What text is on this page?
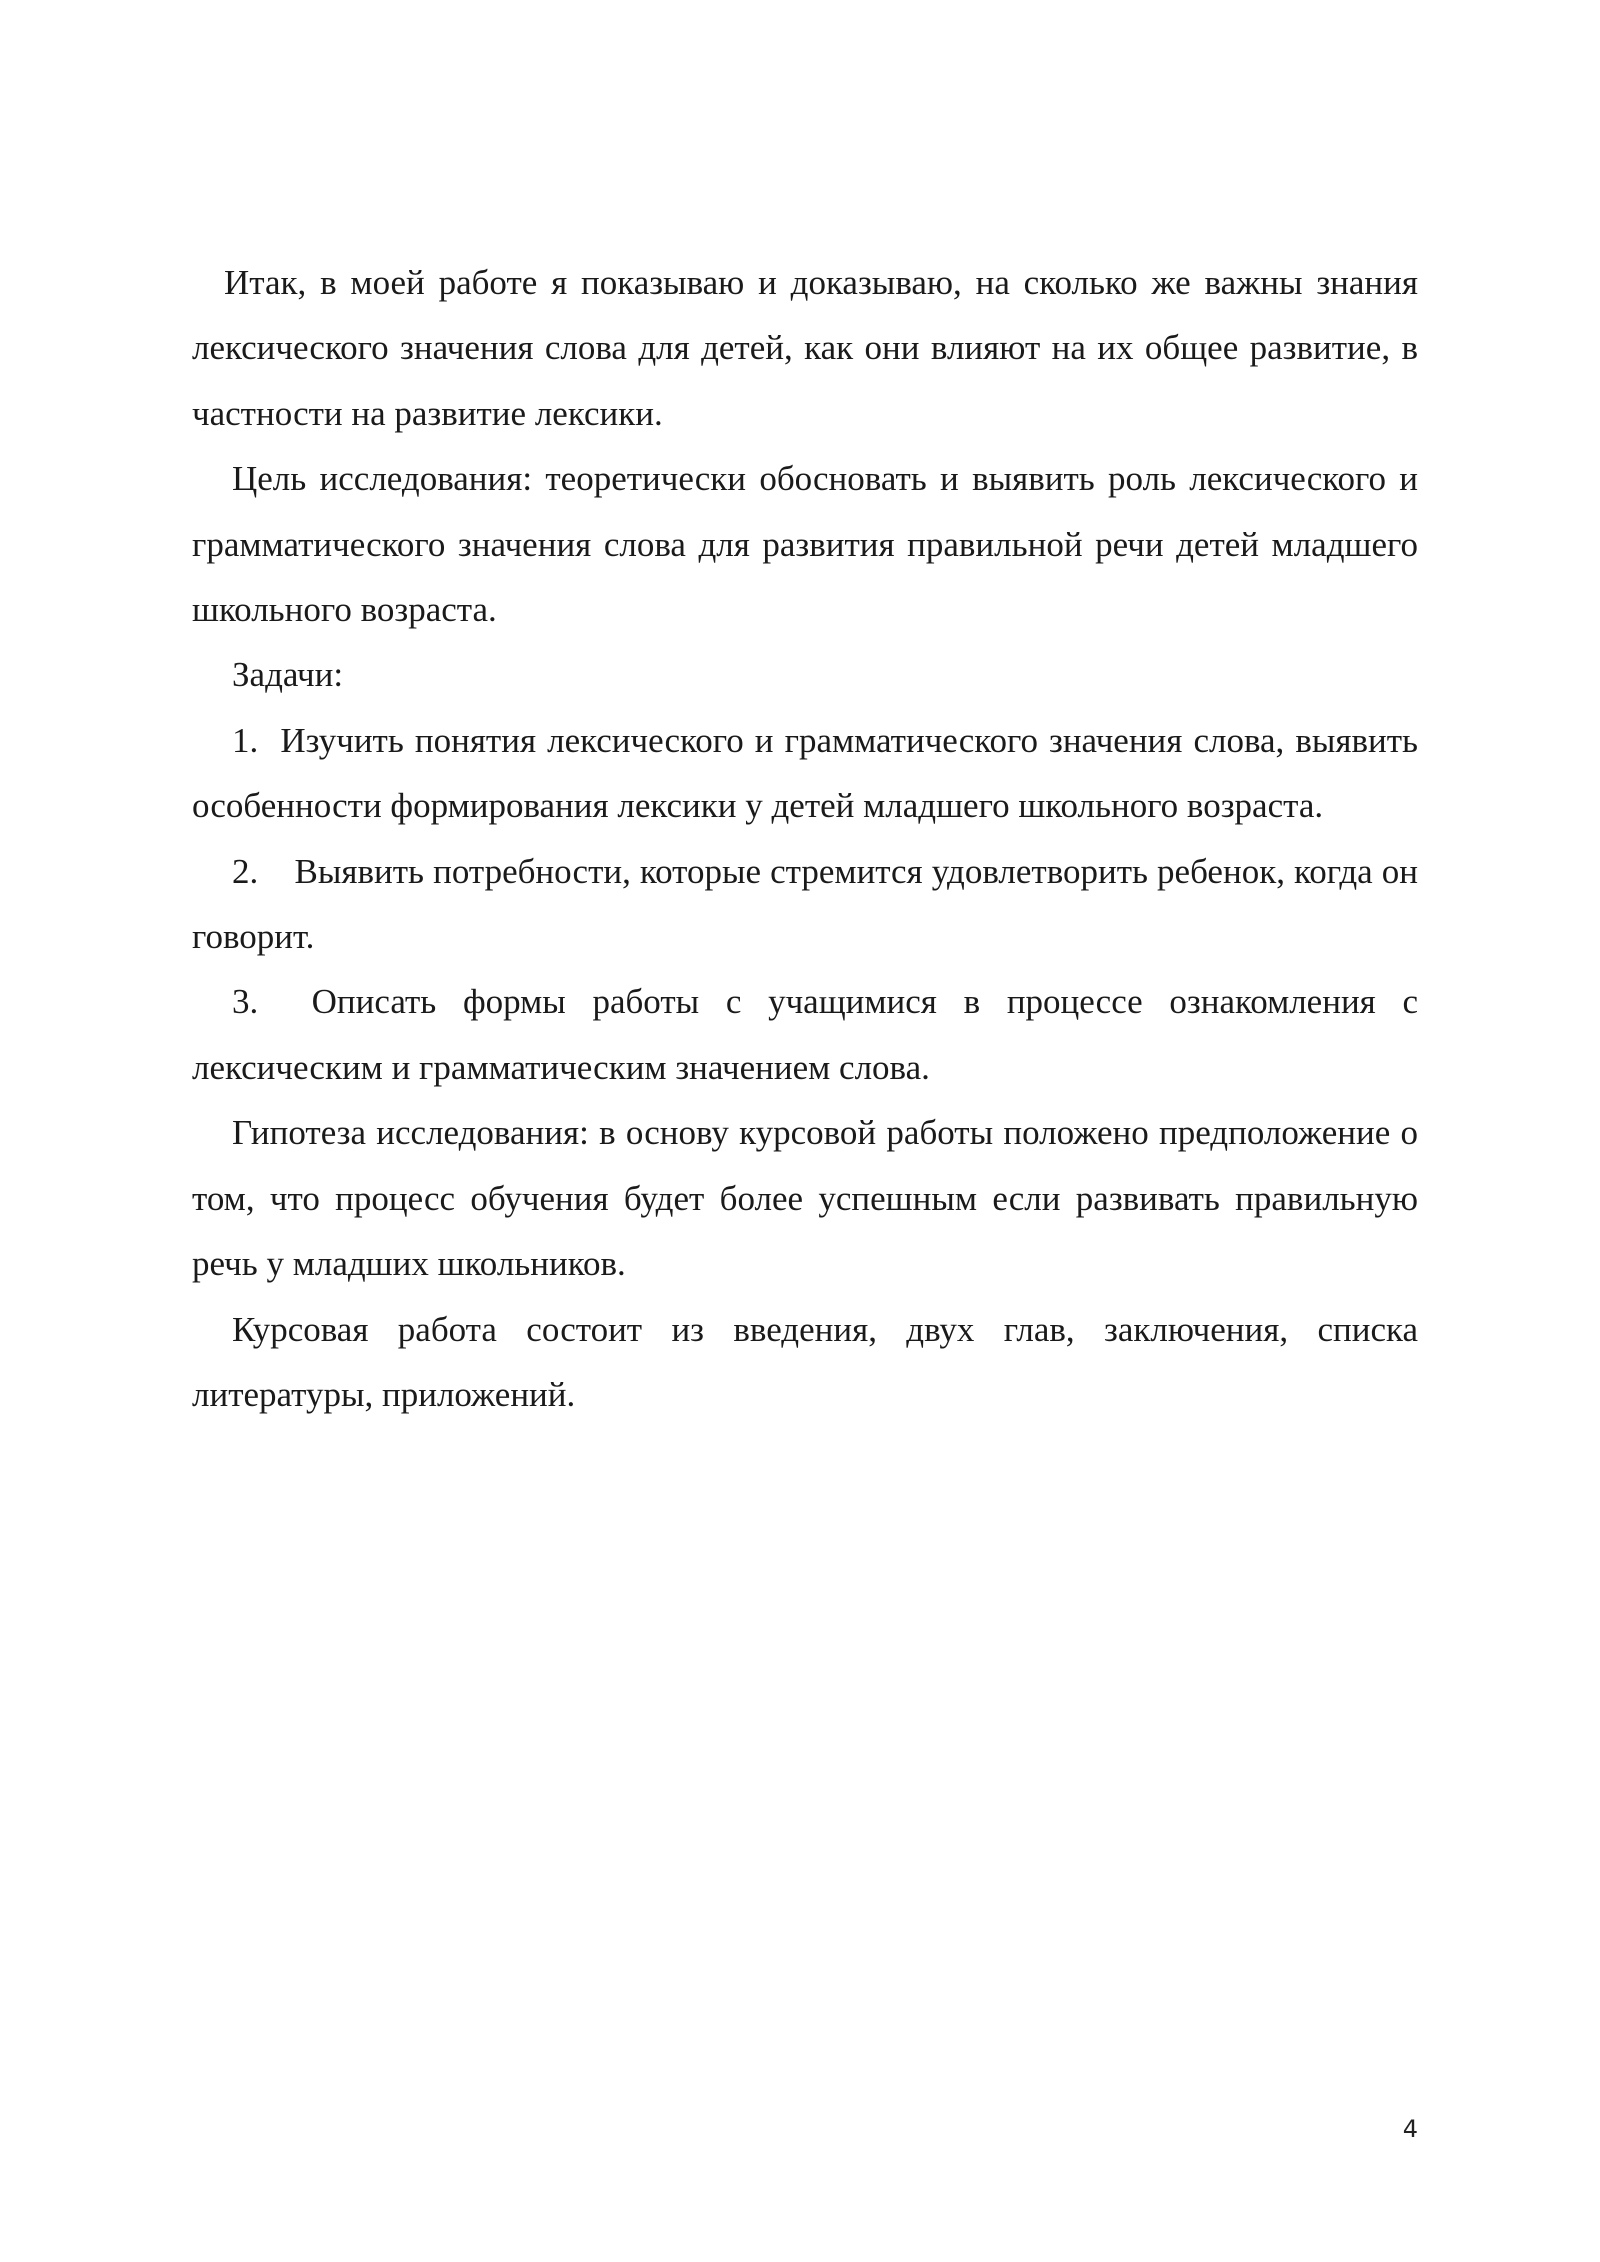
Итак, в моей работе я показываю и доказываю, на сколько же важны знания лексического значения слова для детей, как они влияют на их общее развитие, в частности на развитие лексики.

Цель исследования: теоретически обосновать и выявить роль лексического и грамматического значения слова для развития правильной речи детей младшего школьного возраста.

Задачи:

1. Изучить понятия лексического и грамматического значения слова, выявить особенности формирования лексики у детей младшего школьного возраста.

2. Выявить потребности, которые стремится удовлетворить ребенок, когда он говорит.

3. Описать формы работы с учащимися в процессе ознакомления с лексическим и грамматическим значением слова.

Гипотеза исследования: в основу курсовой работы положено предположение о том, что процесс обучения будет более успешным если развивать правильную речь у младших школьников.

Курсовая работа состоит из введения, двух глав, заключения, списка литературы, приложений.

4
